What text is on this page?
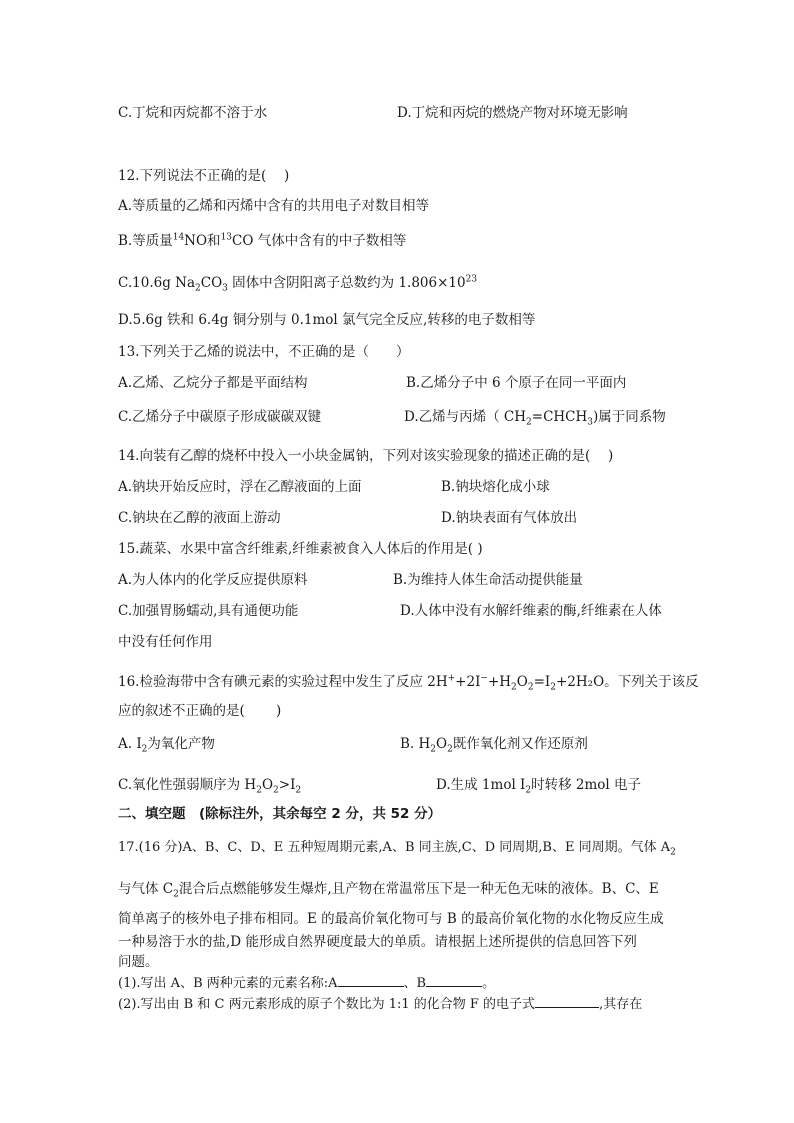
C.丁烷和丙烷都不溶于水	D.丁烷和丙烷的燃烧产物对环境无影响
12.下列说法不正确的是(　 )
A.等质量的乙烯和丙烯中含有的共用电子对数目相等
B.等质量$^{14}$NO和$^{13}$CO 气体中含有的中子数相等
C.10.6g $Na_2CO_3$ 固体中含阴阳离子总数约为 $1.806\times 10^{23}$
D.5.6g 铁和 6.4g 铜分别与 0.1mol 氯气完全反应,转移的电子数相等
13.下列关于乙烯的说法中，不正确的是（　　）
A.乙烯、乙烷分子都是平面结构	B.乙烯分子中 6 个原子在同一平面内
C.乙烯分子中碳原子形成碳碳双键	D.乙烯与丙烯（ $CH_2=CHCH_3$)属于同系物
14.向装有乙醇的烧杯中投入一小块金属钠，下列对该实验现象的描述正确的是(　 )
A.钠块开始反应时，浮在乙醇液面的上面	B.钠块熔化成小球
C.钠块在乙醇的液面上游动	D.钠块表面有气体放出
15.蔬菜、水果中富含纤维素,纤维素被食入人体后的作用是( )
A.为人体内的化学反应提供原料	B.为维持人体生命活动提供能量
C.加强胃肠蠕动,具有通便功能	D.人体中没有水解纤维素的酶,纤维素在人体
中没有任何作用
16.检验海带中含有碘元素的实验过程中发生了反应 $2H^++2I^-+H_2O_2=I_2+2H_2O$。下列关于该反
应的叙述不正确的是(　　 )
A. $I_2$为氧化产物	B. $H_2O_2$既作氧化剂又作还原剂
C.氧化性强弱顺序为 $H_2O_2>I_2$	D.生成 1mol $I_2$时转移 2mol 电子
二、填空题　(除标注外，其余每空 2 分，共 52 分）
17.(16 分)A、B、C、D、E 五种短周期元素,A、B 同主族,C、D 同周期,B、E 同周期。气体 $A_2$
与气体 $C_2$混合后点燃能够发生爆炸,且产物在常温常压下是一种无色无味的液体。B、C、E
简单离子的核外电子排布相同。E 的最高价氧化物可与 B 的最高价氧化物的水化物反应生成
一种易溶于水的盐,D 能形成自然界硬度最大的单质。请根据上述所提供的信息回答下列
问题。
(1).写出 A、B 两种元素的元素名称:A	、B	。
(2).写出由 B 和 C 两元素形成的原子个数比为 1:1 的化合物 F 的电子式	,其存在
